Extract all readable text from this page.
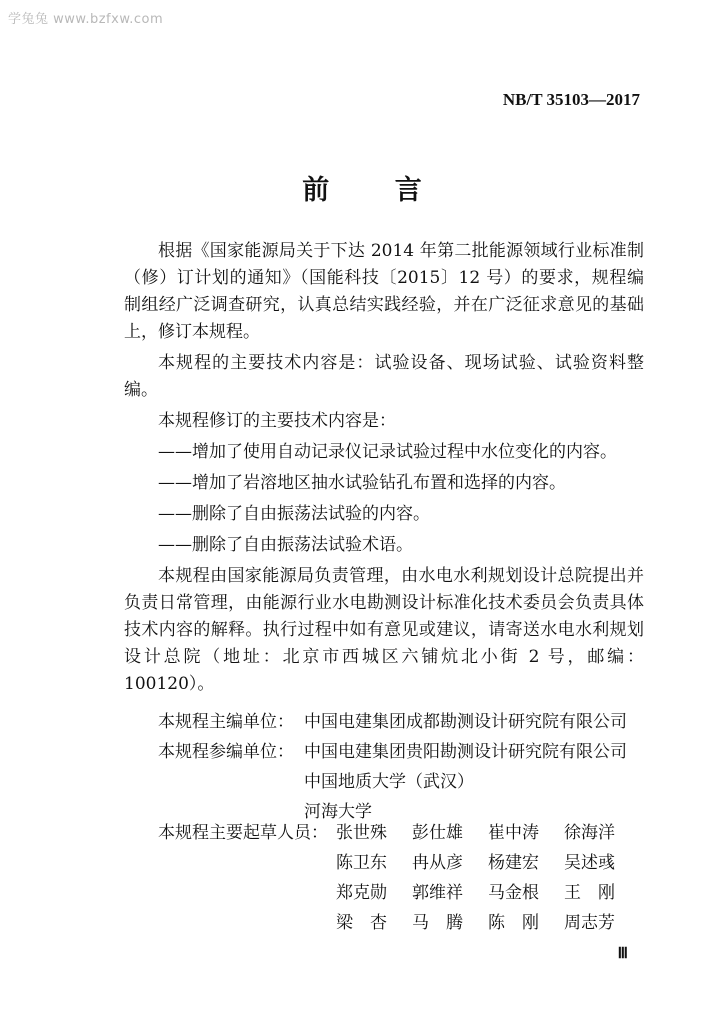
学兔兔 www.bzfxw.com
NB/T 35103—2017
前 言

根据《国家能源局关于下达 2014 年第二批能源领域行业标准制（修）订计划的通知》（国能科技〔2015〕12 号）的要求，规程编制组经广泛调查研究，认真总结实践经验，并在广泛征求意见的基础上，修订本规程。

本规程的主要技术内容是：试验设备、现场试验、试验资料整编。

本规程修订的主要技术内容是：

——增加了使用自动记录仪记录试验过程中水位变化的内容。

——增加了岩溶地区抽水试验钻孔布置和选择的内容。

——删除了自由振荡法试验的内容。

——删除了自由振荡法试验术语。

本规程由国家能源局负责管理，由水电水利规划设计总院提出并负责日常管理，由能源行业水电勘测设计标准化技术委员会负责具体技术内容的解释。执行过程中如有意见或建议，请寄送水电水利规划设计总院（地址：北京市西城区六铺炕北小街 2 号，邮编：100120）。

本规程主编单位： 中国电建集团成都勘测设计研究院有限公司
本规程参编单位： 中国电建集团贵阳勘测设计研究院有限公司
中国地质大学（武汉）
河海大学
本规程主要起草人员： 张世殊	彭仕雄	崔中涛	徐海洋
陈卫东	冉从彦	杨建宏	吴述彧
郑克勋	郭维祥	马金根	王　刚
梁　杏	马　腾	陈　刚	周志芳
Ⅲ
